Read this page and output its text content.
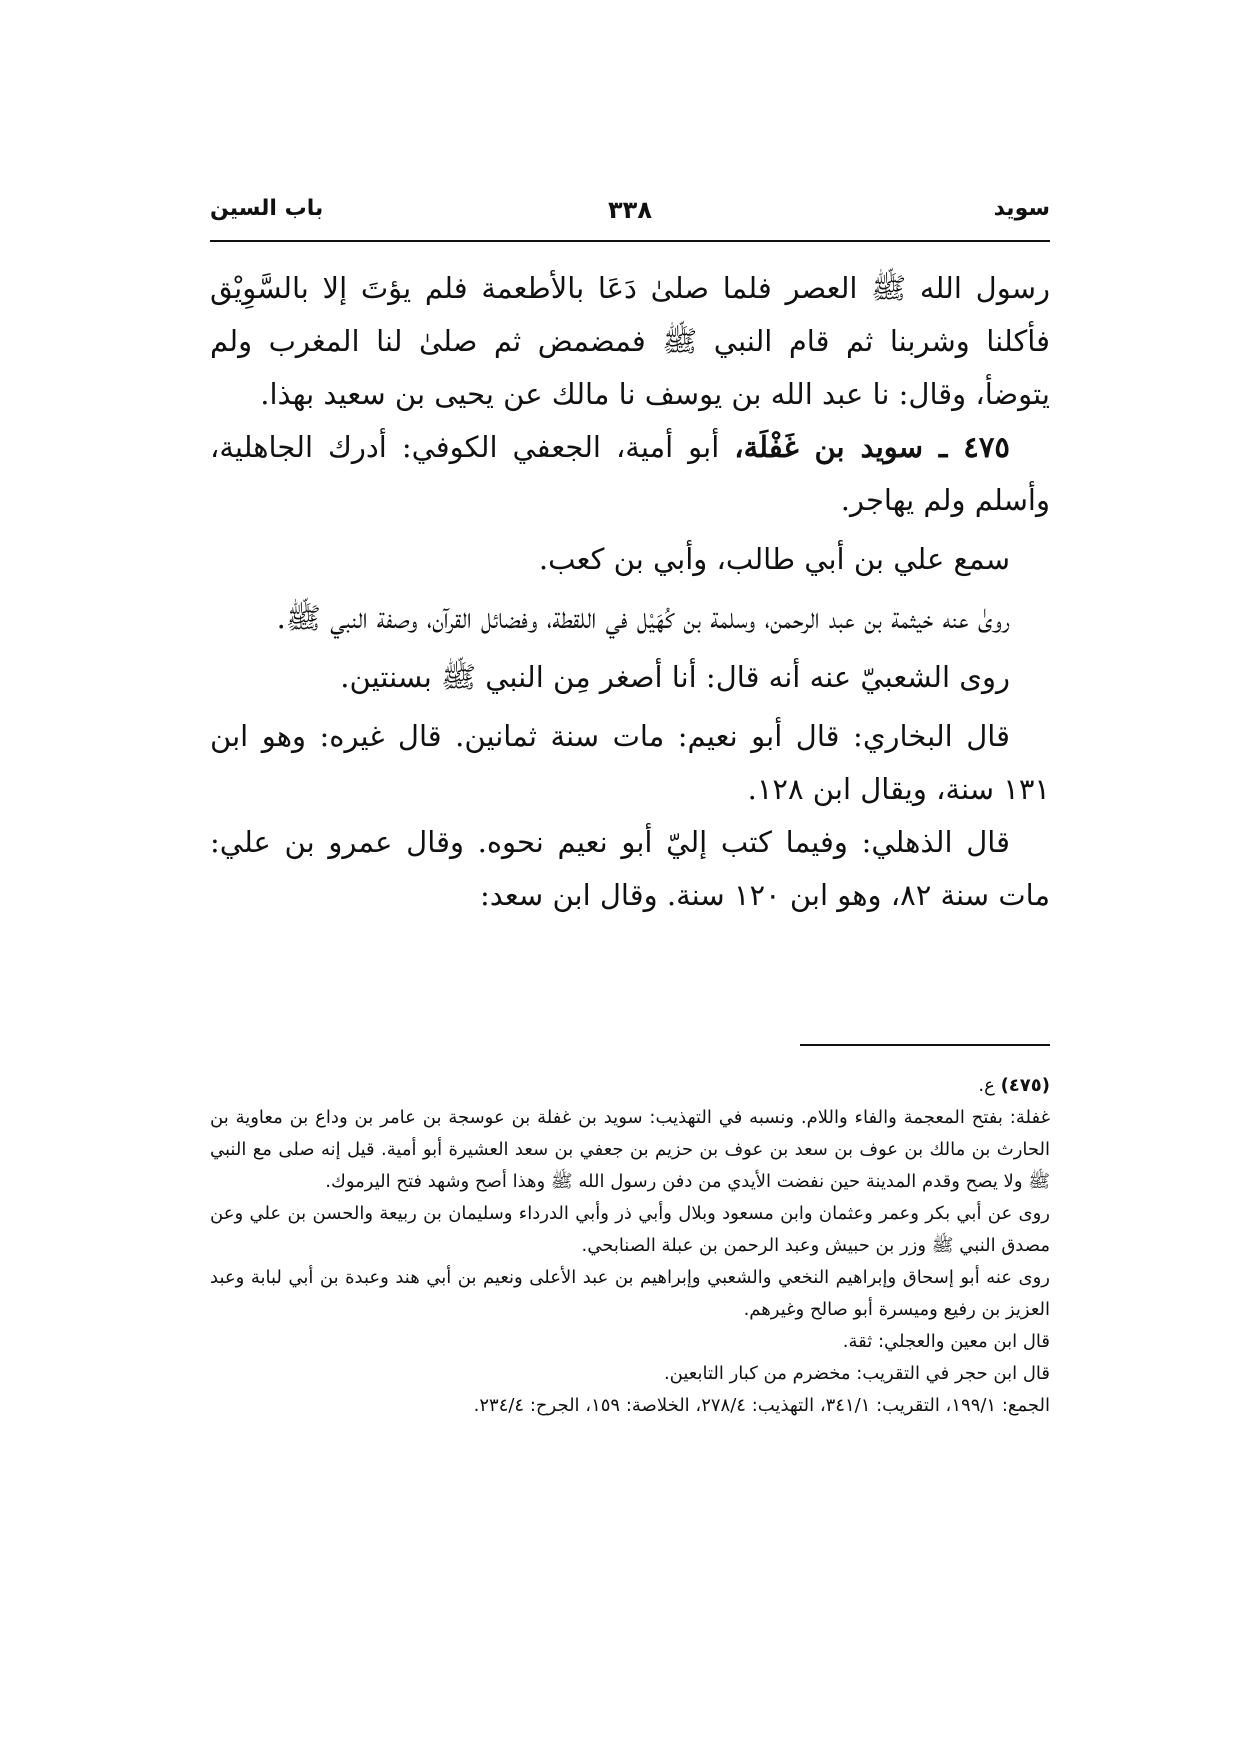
سويد
٣٣٨
باب السين

رسول الله ﷺ العصر فلما صلىٰ دَعَا بالأطعمة فلم يؤتَ إلا بالسَّوِيْق فأكلنا وشربنا ثم قام النبي ﷺ فمضمض ثم صلىٰ لنا المغرب ولم يتوضأ، وقال: نا عبد الله بن يوسف نا مالك عن يحيى بن سعيد بهذا.

٤٧٥ ـ سويد بن غَفْلَة، أبو أمية، الجعفي الكوفي: أدرك الجاهلية، وأسلم ولم يهاجر.

سمع علي بن أبي طالب، وأبي بن كعب.

روىٰ عنه خيثمة بن عبد الرحمن، وسلمة بن كُهَيْل في اللقطة، وفضائل القرآن، وصفة النبي ﷺ.

روى الشعبيّ عنه أنه قال: أنا أصغر مِن النبي ﷺ بسنتين.

قال البخاري: قال أبو نعيم: مات سنة ثمانين. قال غيره: وهو ابن ١٣١ سنة، ويقال ابن ١٢٨.

قال الذهلي: وفيما كتب إليّ أبو نعيم نحوه. وقال عمرو بن علي: مات سنة ٨٢، وهو ابن ١٢٠ سنة. وقال ابن سعد:

(٤٧٥) ع.

غفلة: بفتح المعجمة والفاء واللام. ونسبه في التهذيب: سويد بن غفلة بن عوسجة بن عامر بن وداع بن معاوية بن الحارث بن مالك بن عوف بن سعد بن عوف بن حزيم بن جعفي بن سعد العشيرة أبو أمية. قيل إنه صلى مع النبي ﷺ ولا يصح وقدم المدينة حين نفضت الأيدي من دفن رسول الله ﷺ وهذا أصح وشهد فتح اليرموك.

روى عن أبي بكر وعمر وعثمان وابن مسعود وبلال وأبي ذر وأبي الدرداء وسليمان بن ربيعة والحسن بن علي وعن مصدق النبي ﷺ وزر بن حبيش وعبد الرحمن بن عبلة الصنابحي.

روى عنه أبو إسحاق وإبراهيم النخعي والشعبي وإبراهيم بن عبد الأعلى ونعيم بن أبي هند وعبدة بن أبي لبابة وعبد العزيز بن رفيع وميسرة أبو صالح وغيرهم.

قال ابن معين والعجلي: ثقة.

قال ابن حجر في التقريب: مخضرم من كبار التابعين.

الجمع: ١٩٩/١، التقريب: ٣٤١/١، التهذيب: ٢٧٨/٤، الخلاصة: ١٥٩، الجرح: ٢٣٤/٤.
